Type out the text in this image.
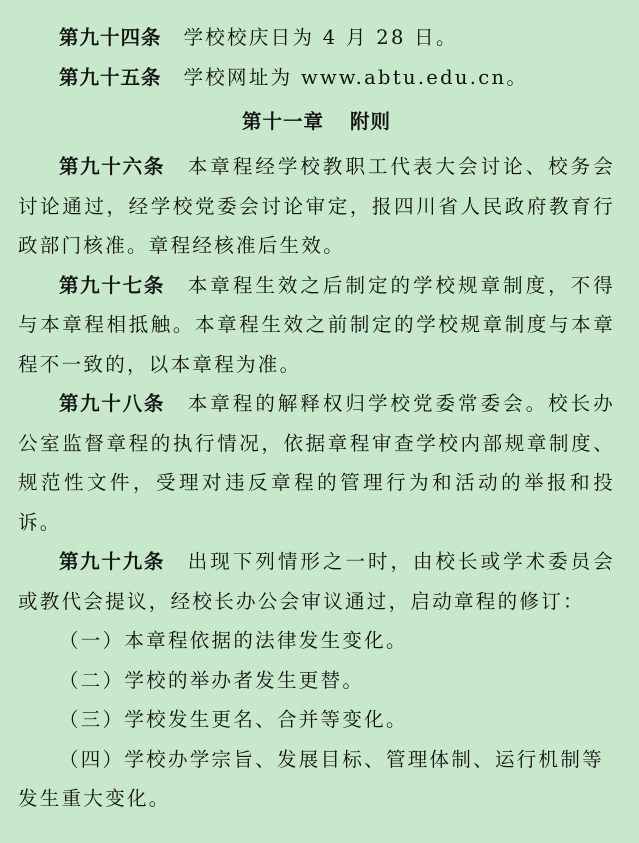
第九十四条 学校校庆日为 4 月 28 日。

第九十五条 学校网址为 www.abtu.edu.cn。

第十一章 附则

第九十六条 本章程经学校教职工代表大会讨论、校务会讨论通过，经学校党委会讨论审定，报四川省人民政府教育行政部门核准。章程经核准后生效。

第九十七条 本章程生效之后制定的学校规章制度，不得与本章程相抵触。本章程生效之前制定的学校规章制度与本章程不一致的，以本章程为准。

第九十八条 本章程的解释权归学校党委常委会。校长办公室监督章程的执行情况，依据章程审查学校内部规章制度、规范性文件，受理对违反章程的管理行为和活动的举报和投诉。

第九十九条 出现下列情形之一时，由校长或学术委员会或教代会提议，经校长办公会审议通过，启动章程的修订：

（一）本章程依据的法律发生变化。

（二）学校的举办者发生更替。

（三）学校发生更名、合并等变化。

（四）学校办学宗旨、发展目标、管理体制、运行机制等发生重大变化。
